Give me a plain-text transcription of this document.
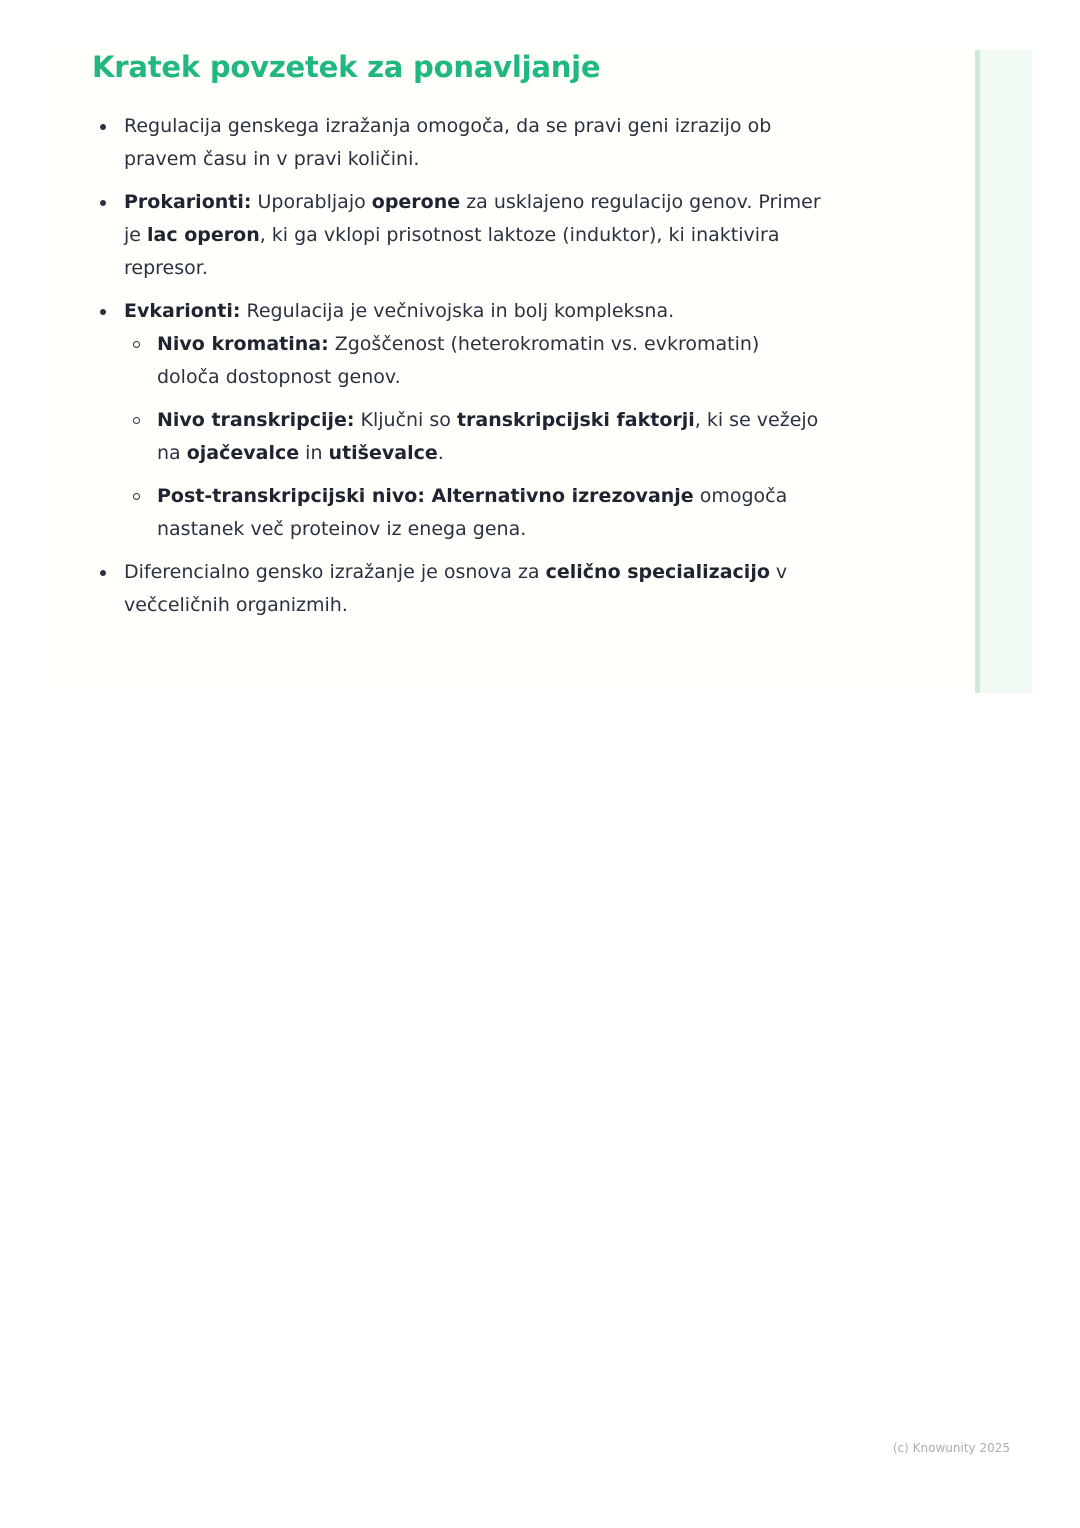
Kratek povzetek za ponavljanje
Regulacija genskega izražanja omogoča, da se pravi geni izrazijo ob pravem času in v pravi količini.
Prokarionti: Uporabljajo operone za usklajeno regulacijo genov. Primer je lac operon, ki ga vklopi prisotnost laktoze (induktor), ki inaktivira represor.
Evkarionti: Regulacija je večnivojska in bolj kompleksna.
Nivo kromatina: Zgoščenost (heterokromatin vs. evkromatin) določa dostopnost genov.
Nivo transkripcije: Ključni so transkripcijski faktorji, ki se vežejo na ojačevalce in utiševalce.
Post-transkripcijski nivo: Alternativno izrezovanje omogoča nastanek več proteinov iz enega gena.
Diferencialno gensko izražanje je osnova za celično specializacijo v večceličnih organizmih.
(c) Knowunity 2025
